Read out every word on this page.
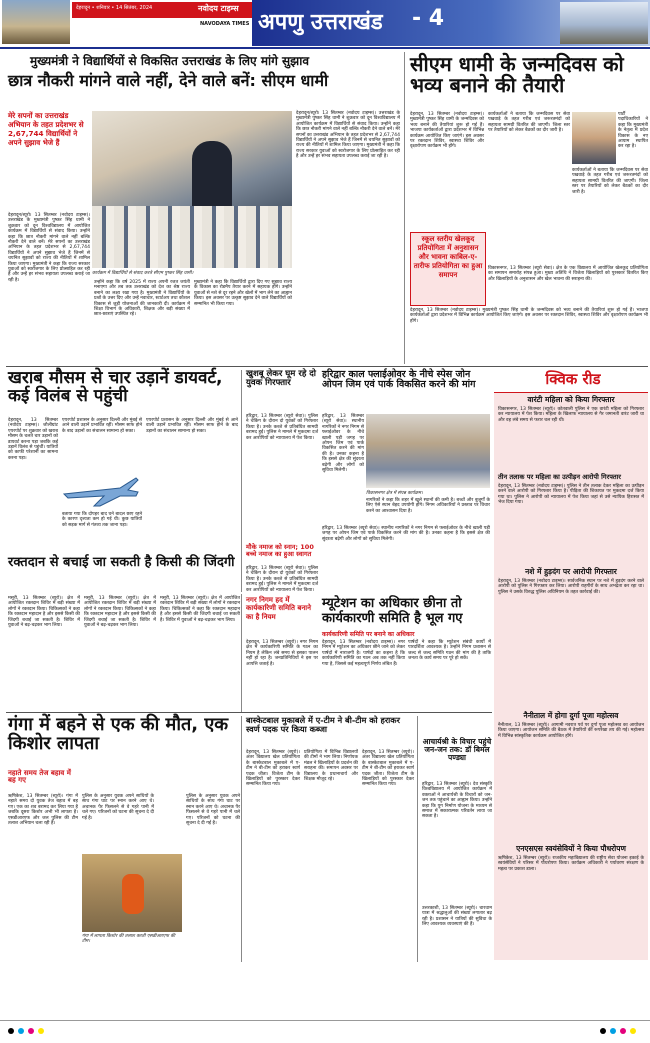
देहरादून • शनिवार • 14 सितंबर, 2024	नवोदय टाइम्स
NAVODAYA TIMES अपणु उत्तराखंड	- 4
मुख्यमंत्री ने विद्यार्थियों से विकसित उत्तराखंड के लिए मांगे सुझाव
छात्र नौकरी मांगने वाले नहीं, देने वाले बनें: सीएम धामी
मेरे सपनों का उत्तराखंड अभियान के तहत प्रदेशभर से 2,67,744 विद्यार्थियों ने अपने सुझाव भेजे हैं
कार्यक्रम में विद्यार्थियों से संवाद करते सीएम पुष्कर सिंह धामी।
देहरादून/ब्यूरो। 13 सितम्बर (नवोदय टाइम्स)। उत्तराखंड के मुख्यमंत्री पुष्कर सिंह धामी ने शुक्रवार को दून विश्वविद्यालय में आयोजित कार्यक्रम में विद्यार्थियों से संवाद किया। उन्होंने कहा कि छात्र नौकरी मांगने वाले नहीं बल्कि नौकरी देने वाले बनें। मेरे सपनों का उत्तराखंड अभियान के तहत प्रदेशभर से 2,67,744 विद्यार्थियों ने अपने सुझाव भेजे हैं जिनमें से चयनित सुझावों को राज्य की नीतियों में शामिल किया जाएगा। मुख्यमंत्री ने कहा कि राज्य सरकार युवाओं को स्वरोजगार के लिए प्रोत्साहित कर रही है और उन्हें हर संभव सहायता उपलब्ध कराई जा रही है।	उन्होंने कहा कि वर्ष 2025 में राज्य अपनी रजत जयंती मनाएगा और तब तक उत्तराखंड को देश का श्रेष्ठ राज्य बनाने का लक्ष्य रखा गया है। मुख्यमंत्री ने विद्यार्थियों के प्रश्नों के उत्तर दिए और उन्हें नवाचार, स्टार्टअप तथा कौशल विकास से जुड़ी योजनाओं की जानकारी दी। कार्यक्रम में शिक्षा विभाग के अधिकारी, शिक्षक और बड़ी संख्या में छात्र-छात्राएं उपस्थित रहे।
मुख्यमंत्री ने कहा कि विद्यार्थियों द्वारा दिए गए सुझाव राज्य के विकास का रोडमैप तैयार करने में सहायक होंगे। उन्होंने युवाओं से नशे से दूर रहने और खेलों में भाग लेने का आह्वान किया। इस अवसर पर उत्कृष्ट सुझाव देने वाले विद्यार्थियों को सम्मानित भी किया गया।
देहरादून/ब्यूरो। 13 सितम्बर (नवोदय टाइम्स)। उत्तराखंड के मुख्यमंत्री पुष्कर सिंह धामी ने शुक्रवार को दून विश्वविद्यालय में आयोजित कार्यक्रम में विद्यार्थियों से संवाद किया। उन्होंने कहा कि छात्र नौकरी मांगने वाले नहीं बल्कि नौकरी देने वाले बनें। मेरे सपनों का उत्तराखंड अभियान के तहत प्रदेशभर से 2,67,744 विद्यार्थियों ने अपने सुझाव भेजे हैं जिनमें से चयनित सुझावों को राज्य की नीतियों में शामिल किया जाएगा। मुख्यमंत्री ने कहा कि राज्य सरकार युवाओं को स्वरोजगार के लिए प्रोत्साहित कर रही है और उन्हें हर संभव सहायता उपलब्ध कराई जा रही है।
सीएम धामी के जन्मदिवस को भव्य बनाने की तैयारी
देहरादून, 13 सितम्बर (नवोदय टाइम्स)। मुख्यमंत्री पुष्कर सिंह धामी के जन्मदिवस को भव्य बनाने की तैयारियां शुरू हो गई हैं। भाजपा कार्यकर्ताओं द्वारा प्रदेशभर में विभिन्न कार्यक्रम आयोजित किए जाएंगे। इस अवसर पर रक्तदान शिविर, स्वास्थ्य शिविर और वृक्षारोपण कार्यक्रम भी होंगे।
कार्यकर्ताओं ने बताया कि जन्मदिवस पर सेवा पखवाड़े के तहत गरीब एवं जरूरतमंदों को सहायता सामग्री वितरित की जाएगी। जिला स्तर पर तैयारियों को लेकर बैठकों का दौर जारी है।
पार्टी पदाधिकारियों ने कहा कि मुख्यमंत्री के नेतृत्व में प्रदेश विकास के नए आयाम स्थापित कर रहा है।
कार्यकर्ताओं ने बताया कि जन्मदिवस पर सेवा पखवाड़े के तहत गरीब एवं जरूरतमंदों को सहायता सामग्री वितरित की जाएगी। जिला स्तर पर तैयारियों को लेकर बैठकों का दौर जारी है।
स्कूल स्तरीय खेलकूद प्रतियोगिता में अनुशासन और भावना काबिल-ए-तारीफ प्रतियोगिता का हुआ समापन
विकासनगर, 13 सितम्बर (ब्यूरो सेवा)। क्षेत्र के एक विद्यालय में आयोजित खेलकूद प्रतियोगिता का समापन समारोह संपन्न हुआ। मुख्य अतिथि ने विजेता खिलाड़ियों को पुरस्कार वितरित किए और खिलाड़ियों के अनुशासन और खेल भावना की सराहना की।
देहरादून, 13 सितम्बर (नवोदय टाइम्स)। मुख्यमंत्री पुष्कर सिंह धामी के जन्मदिवस को भव्य बनाने की तैयारियां शुरू हो गई हैं। भाजपा कार्यकर्ताओं द्वारा प्रदेशभर में विभिन्न कार्यक्रम आयोजित किए जाएंगे। इस अवसर पर रक्तदान शिविर, स्वास्थ्य शिविर और वृक्षारोपण कार्यक्रम भी होंगे।
खराब मौसम से चार उड़ानें डायवर्ट, कई विलंब से पहुंची
देहरादून, 13 सितम्बर (नवोदय टाइम्स)। जौलीग्रांट एयरपोर्ट पर शुक्रवार को खराब मौसम के चलते चार उड़ानों को डायवर्ट करना पड़ा जबकि कई उड़ानें विलंब से पहुंचीं। यात्रियों को काफी परेशानी का सामना करना पड़ा।
एयरपोर्ट प्रशासन के अनुसार दिल्ली और मुंबई से आने वाली उड़ानें प्रभावित रहीं। मौसम साफ होने के बाद उड़ानों का संचालन सामान्य हो सका।
बताया गया कि दोपहर बाद घने बादल छाए रहने के कारण दृश्यता कम हो गई थी। कुछ यात्रियों को सड़क मार्ग से गंतव्य तक जाना पड़ा।
एयरपोर्ट प्रशासन के अनुसार दिल्ली और मुंबई से आने वाली उड़ानें प्रभावित रहीं। मौसम साफ होने के बाद उड़ानों का संचालन सामान्य हो सका।
खुशबू लेकर घूम रहे दो युवक गिरफ्तार
हरिद्वार, 13 सितम्बर (ब्यूरो सेवा)। पुलिस ने चेकिंग के दौरान दो युवकों को गिरफ्तार किया है। उनके कब्जे से प्रतिबंधित सामग्री बरामद हुई। पुलिस ने मामले में मुकदमा दर्ज कर आरोपियों को न्यायालय में पेश किया।
मौके नमाज को स्नान; 100 बच्चे नमाज का हुआ स्वागत
हरिद्वार, 13 सितम्बर (ब्यूरो सेवा)। पुलिस ने चेकिंग के दौरान दो युवकों को गिरफ्तार किया है। उनके कब्जे से प्रतिबंधित सामग्री बरामद हुई। पुलिस ने मामले में मुकदमा दर्ज कर आरोपियों को न्यायालय में पेश किया।
हरिद्वार काल फ्लाईओवर के नीचे स्पेस जोन ओपन जिम एवं पार्क विकसित करने की मांग
हरिद्वार, 13 सितम्बर (ब्यूरो सेवा)। स्थानीय नागरिकों ने नगर निगम से फ्लाईओवर के नीचे खाली पड़ी जगह पर ओपन जिम एवं पार्क विकसित करने की मांग की है। उनका कहना है कि इससे क्षेत्र की सुंदरता बढ़ेगी और लोगों को सुविधा मिलेगी।
विकासनगर क्षेत्र में संपन्न कार्यक्रम।
नागरिकों ने कहा कि शहर में खुले स्थानों की कमी है। बच्चों और बुजुर्गों के लिए ऐसे स्थान बेहद उपयोगी होंगे। निगम अधिकारियों ने प्रस्ताव पर विचार करने का आश्वासन दिया है।
हरिद्वार, 13 सितम्बर (ब्यूरो सेवा)। स्थानीय नागरिकों ने नगर निगम से फ्लाईओवर के नीचे खाली पड़ी जगह पर ओपन जिम एवं पार्क विकसित करने की मांग की है। उनका कहना है कि इससे क्षेत्र की सुंदरता बढ़ेगी और लोगों को सुविधा मिलेगी।
क्विक रीड
वारंटी महिला को किया गिरफ्तार
विकासनगर, 13 सितम्बर (ब्यूरो)। कोतवाली पुलिस ने एक वारंटी महिला को गिरफ्तार कर न्यायालय में पेश किया। महिला के खिलाफ न्यायालय से गैर जमानती वारंट जारी था और वह लंबे समय से फरार चल रही थी।
तीन तलाक पर महिला का उत्पीड़न आरोपी गिरफ्तार
देहरादून, 13 सितम्बर (नवोदय टाइम्स)। पुलिस ने तीन तलाक देकर महिला का उत्पीड़न करने वाले आरोपी को गिरफ्तार किया है। पीड़िता की शिकायत पर मुकदमा दर्ज किया गया था। पुलिस ने आरोपी को न्यायालय में पेश किया जहां से उसे न्यायिक हिरासत में भेज दिया गया।
नशे में हुड़दंग पर आरोपी गिरफ्तार
देहरादून, 13 सितम्बर (नवोदय टाइम्स)। सार्वजनिक स्थान पर नशे में हुड़दंग करने वाले आरोपी को पुलिस ने गिरफ्तार कर लिया। आरोपी राहगीरों के साथ अभद्रता कर रहा था। पुलिस ने उसके विरुद्ध पुलिस अधिनियम के तहत कार्रवाई की।
नैनीताल में होगा दुर्गा पूजा महोत्सव
नैनीताल, 13 सितम्बर (ब्यूरो)। आगामी नवरात्र पर्व पर दुर्गा पूजा महोत्सव का आयोजन किया जाएगा। आयोजन समिति की बैठक में तैयारियों की रूपरेखा तय की गई। महोत्सव में विभिन्न सांस्कृतिक कार्यक्रम आयोजित होंगे।
एनएसएस स्वयंसेवियों ने किया पौधरोपण
ऋषिकेश, 13 सितम्बर (ब्यूरो)। राजकीय महाविद्यालय की राष्ट्रीय सेवा योजना इकाई के स्वयंसेवियों ने परिसर में पौधरोपण किया। कार्यक्रम अधिकारी ने पर्यावरण संरक्षण के महत्व पर प्रकाश डाला।
रक्तदान से बचाई जा सकती है किसी की जिंदगी
मसूरी, 13 सितम्बर (ब्यूरो)। क्षेत्र में आयोजित रक्तदान शिविर में बड़ी संख्या में लोगों ने रक्तदान किया। चिकित्सकों ने कहा कि रक्तदान महादान है और इससे किसी की जिंदगी बचाई जा सकती है। शिविर में युवाओं ने बढ़-चढ़कर भाग लिया।
मसूरी, 13 सितम्बर (ब्यूरो)। क्षेत्र में आयोजित रक्तदान शिविर में बड़ी संख्या में लोगों ने रक्तदान किया। चिकित्सकों ने कहा कि रक्तदान महादान है और इससे किसी की जिंदगी बचाई जा सकती है। शिविर में युवाओं ने बढ़-चढ़कर भाग लिया।
मसूरी, 13 सितम्बर (ब्यूरो)। क्षेत्र में आयोजित रक्तदान शिविर में बड़ी संख्या में लोगों ने रक्तदान किया। चिकित्सकों ने कहा कि रक्तदान महादान है और इससे किसी की जिंदगी बचाई जा सकती है। शिविर में युवाओं ने बढ़-चढ़कर भाग लिया।
नगर निगम हद में कार्यकारिणी समिति बनाने का है नियम
देहरादून, 13 सितम्बर (ब्यूरो)। नगर निगम क्षेत्र में कार्यकारिणी समिति के गठन का नियम है लेकिन लंबे समय से इसका पालन नहीं हो रहा है। जनप्रतिनिधियों ने इस पर आपत्ति जताई है।
गंगा में बहने से एक की मौत, एक किशोर लापता
नहाते समय तेज बहाव में बह गए
ऋषिकेश, 13 सितम्बर (ब्यूरो)। गंगा में नहाते समय दो युवक तेज बहाव में बह गए। एक का शव बरामद कर लिया गया है जबकि दूसरा किशोर अभी भी लापता है। एसडीआरएफ और जल पुलिस की टीम तलाश अभियान चला रही है।
पुलिस के अनुसार युवक अपने साथियों के साथ गंगा घाट पर स्नान करने आए थे। अचानक पैर फिसलने से वे गहरे पानी में चले गए। परिजनों को घटना की सूचना दे दी गई है।
गंगा में लापता किशोर की तलाश करती एसडीआरएफ की टीम।
पुलिस के अनुसार युवक अपने साथियों के साथ गंगा घाट पर स्नान करने आए थे। अचानक पैर फिसलने से वे गहरे पानी में चले गए। परिजनों को घटना की सूचना दे दी गई है।
बास्केटबाल मुकाबले में ए-टीम ने बी-टीम को हराकर स्वर्ण पदक पर किया कब्जा
देहरादून, 13 सितम्बर (ब्यूरो)। अंतर विद्यालय खेल प्रतियोगिता के बास्केटबाल मुकाबले में ए-टीम ने बी-टीम को हराकर स्वर्ण पदक जीता। विजेता टीम के खिलाड़ियों को पुरस्कार देकर सम्मानित किया गया।
प्रतियोगिता में विभिन्न विद्यालयों की टीमों ने भाग लिया। निर्णायक मंडल ने खिलाड़ियों के प्रदर्शन की सराहना की। समापन अवसर पर विद्यालय के प्रधानाचार्य और शिक्षक मौजूद रहे।
देहरादून, 13 सितम्बर (ब्यूरो)। अंतर विद्यालय खेल प्रतियोगिता के बास्केटबाल मुकाबले में ए-टीम ने बी-टीम को हराकर स्वर्ण पदक जीता। विजेता टीम के खिलाड़ियों को पुरस्कार देकर सम्मानित किया गया।
आचार्यश्री के विचार पहुंचे जन-जन तक: डॉ बिमल पण्ड्या
हरिद्वार, 13 सितम्बर (ब्यूरो)। देव संस्कृति विश्वविद्यालय में आयोजित कार्यक्रम में वक्ताओं ने आचार्यश्री के विचारों को जन-जन तक पहुंचाने का आह्वान किया। उन्होंने कहा कि युग निर्माण योजना के माध्यम से समाज में सकारात्मक परिवर्तन लाया जा सकता है।
उत्तरकाशी, 13 सितम्बर (ब्यूरो)। चारधाम यात्रा में श्रद्धालुओं की संख्या लगातार बढ़ रही है। प्रशासन ने यात्रियों की सुविधा के लिए आवश्यक व्यवस्थाएं की हैं।
म्यूटेशन का अधिकार छीना तो कार्यकारणी समिति है भूल गए
कार्यकारिणी समिति पर बनाने का अधिकार
देहरादून, 13 सितम्बर (नवोदय टाइम्स)। नगर निगम में म्यूटेशन का अधिकार छीने जाने को लेकर पार्षदों में नाराजगी है। पार्षदों का कहना है कि कार्यकारिणी समिति का गठन अब तक नहीं किया गया है, जिससे कई महत्वपूर्ण निर्णय लंबित हैं।
पार्षदों ने कहा कि म्यूटेशन संबंधी कार्यों में पारदर्शिता आवश्यक है। उन्होंने निगम प्रशासन से जल्द से जल्द समिति गठन की मांग की है ताकि जनता के कार्य समय पर पूरे हो सकें।
